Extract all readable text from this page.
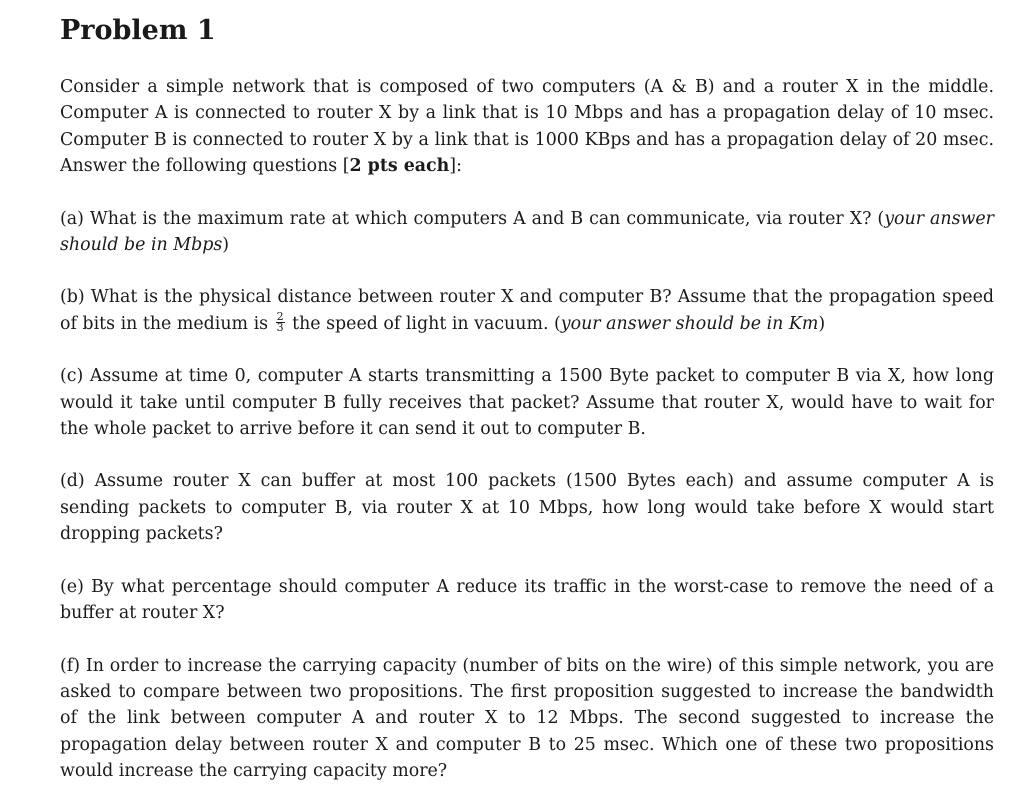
Problem 1

Consider a simple network that is composed of two computers (A & B) and a router X in the middle. Computer A is connected to router X by a link that is 10 Mbps and has a propagation delay of 10 msec. Computer B is connected to router X by a link that is 1000 KBps and has a propagation delay of 20 msec. Answer the following questions [2 pts each]:

(a) What is the maximum rate at which computers A and B can communicate, via router X? (your answer should be in Mbps)

(b) What is the physical distance between router X and computer B? Assume that the propagation speed of bits in the medium is $\frac{2}{3}$ the speed of light in vacuum. (your answer should be in Km)

(c) Assume at time 0, computer A starts transmitting a 1500 Byte packet to computer B via X, how long would it take until computer B fully receives that packet? Assume that router X, would have to wait for the whole packet to arrive before it can send it out to computer B.

(d) Assume router X can buffer at most 100 packets (1500 Bytes each) and assume computer A is sending packets to computer B, via router X at 10 Mbps, how long would take before X would start dropping packets?

(e) By what percentage should computer A reduce its traffic in the worst-case to remove the need of a buffer at router X?

(f) In order to increase the carrying capacity (number of bits on the wire) of this simple network, you are asked to compare between two propositions. The first proposition suggested to increase the bandwidth of the link between computer A and router X to 12 Mbps. The second suggested to increase the propagation delay between router X and computer B to 25 msec. Which one of these two propositions would increase the carrying capacity more?
